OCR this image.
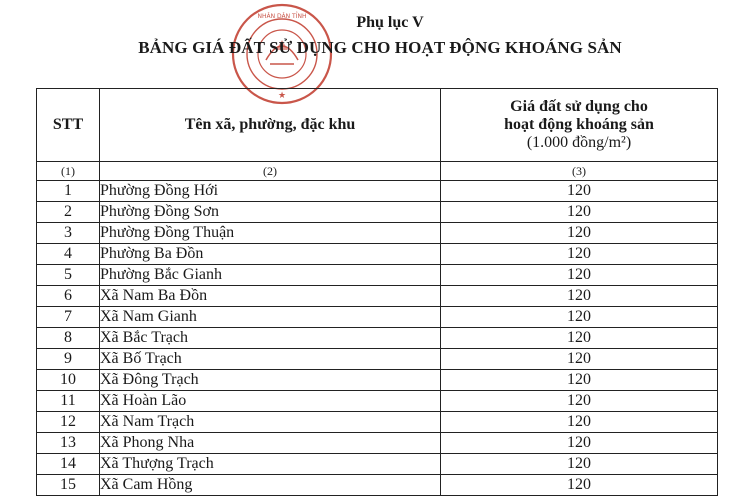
★
NHÂN DÂN TỈNH	Phụ lục V
BẢNG GIÁ ĐẤT SỬ DỤNG CHO HOẠT ĐỘNG KHOÁNG SẢN
STT	Tên xã, phường, đặc khu	Giá đất sử dụng cho
hoạt động khoáng sản
(1.000 đồng/m²)

(1)	(2)	(3)
1	Phường Đồng Hới	120
2	Phường Đồng Sơn	120
3	Phường Đồng Thuận	120
4	Phường Ba Đồn	120
5	Phường Bắc Gianh	120
6	Xã Nam Ba Đồn	120
7	Xã Nam Gianh	120
8	Xã Bắc Trạch	120
9	Xã Bố Trạch	120
10	Xã Đông Trạch	120
11	Xã Hoàn Lão	120
12	Xã Nam Trạch	120
13	Xã Phong Nha	120
14	Xã Thượng Trạch	120
15	Xã Cam Hồng	120
